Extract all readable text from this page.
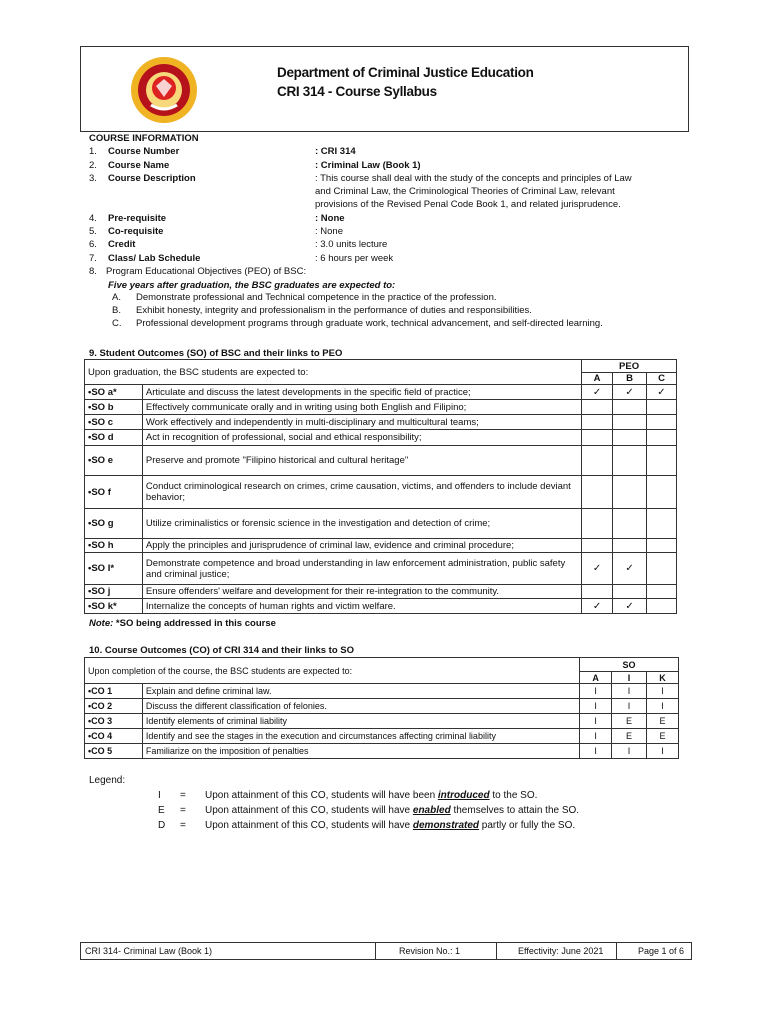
Department of Criminal Justice Education
CRI 314 - Course Syllabus
COURSE INFORMATION
1. Course Number	: CRI 314
2. Course Name	: Criminal Law (Book 1)
3. Course Description	: This course shall deal with the study of the concepts and principles of Law
and Criminal Law, the Criminological Theories of Criminal Law, relevant
provisions of the Revised Penal Code Book 1, and related jurisprudence.
4. Pre-requisite	: None
5. Co-requisite	: None
6. Credit	: 3.0 units lecture
7. Class/ Lab Schedule	: 6 hours per week
8. Program Educational Objectives (PEO) of BSC:
Five years after graduation, the BSC graduates are expected to:
A. Demonstrate professional and Technical competence in the practice of the profession.
B. Exhibit honesty, integrity and professionalism in the performance of duties and responsibilities.
C. Professional development programs through graduate work, technical advancement, and self-directed learning.
9. Student Outcomes (SO) of BSC and their links to PEO
Upon graduation, the BSC students are expected to:		PEO		
		A	B	C
•SO a*	Articulate and discuss the latest developments in the specific field of practice;	✓	✓	✓
•SO b	Effectively communicate orally and in writing using both English and Filipino;			
•SO c	Work effectively and independently in multi-disciplinary and multicultural teams;			
•SO d	Act in recognition of professional, social and ethical responsibility;			
•SO e	Preserve and promote "Filipino historical and cultural heritage"			
•SO f	Conduct criminological research on crimes, crime causation, victims, and offenders to include deviant behavior;			
•SO g	Utilize criminalistics or forensic science in the investigation and detection of crime;			
•SO h	Apply the principles and jurisprudence of criminal law, evidence and criminal procedure;			
•SO I*	Demonstrate competence and broad understanding in law enforcement administration, public safety and criminal justice;	✓	✓	
•SO j	Ensure offenders' welfare and development for their re-integration to the community.			
•SO k*	Internalize the concepts of human rights and victim welfare.	✓	✓	
Note: *SO being addressed in this course
10. Course Outcomes (CO) of CRI 314 and their links to SO
Upon completion of the course, the BSC students are expected to:		SO		
		A	I	K
•CO 1	Explain and define criminal law.	I	I	I
•CO 2	Discuss the different classification of felonies.	I	I	I
•CO 3	Identify elements of criminal liability	I	E	E
•CO 4	Identify and see the stages in the execution and circumstances affecting criminal liability	I	E	E
•CO 5	Familiarize on the imposition of penalties	I	I	I
Legend:
I = Upon attainment of this CO, students will have been introduced to the SO.
E = Upon attainment of this CO, students will have enabled themselves to attain the SO.
D = Upon attainment of this CO, students will have demonstrated partly or fully the SO.
CRI 314- Criminal Law (Book 1)	Revision No.: 1	Effectivity: June 2021	Page 1 of 6
